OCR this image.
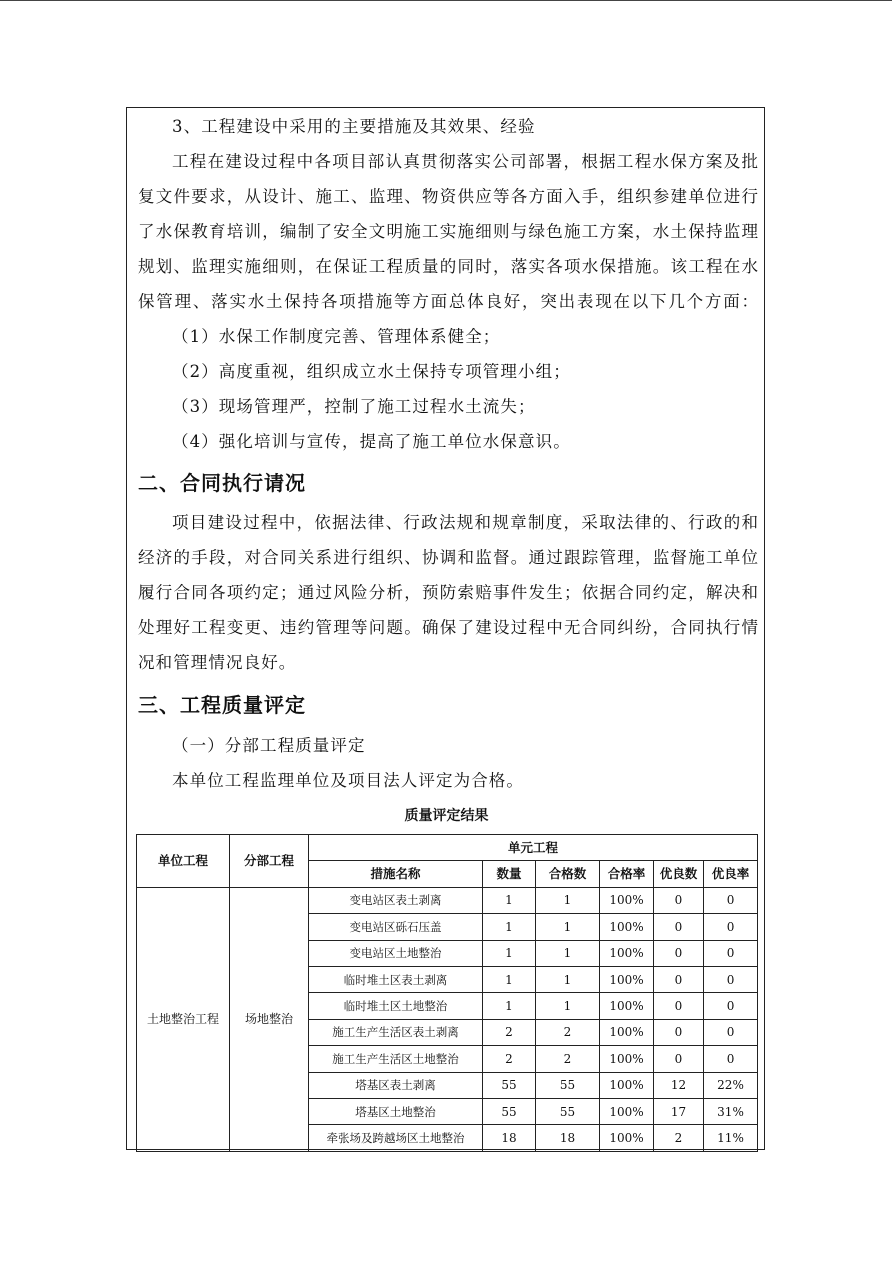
3、工程建设中采用的主要措施及其效果、经验
工程在建设过程中各项目部认真贯彻落实公司部署，根据工程水保方案及批
复文件要求，从设计、施工、监理、物资供应等各方面入手，组织参建单位进行
了水保教育培训，编制了安全文明施工实施细则与绿色施工方案，水土保持监理
规划、监理实施细则，在保证工程质量的同时，落实各项水保措施。该工程在水
保管理、落实水土保持各项措施等方面总体良好，突出表现在以下几个方面：
（1）水保工作制度完善、管理体系健全；
（2）高度重视，组织成立水土保持专项管理小组；
（3）现场管理严，控制了施工过程水土流失；
（4）强化培训与宣传，提高了施工单位水保意识。
二、合同执行请况
项目建设过程中，依据法律、行政法规和规章制度，采取法律的、行政的和
经济的手段，对合同关系进行组织、协调和监督。通过跟踪管理，监督施工单位
履行合同各项约定；通过风险分析，预防索赔事件发生；依据合同约定，解决和
处理好工程变更、违约管理等问题。确保了建设过程中无合同纠纷，合同执行情
况和管理情况良好。
三、工程质量评定
（一）分部工程质量评定
本单位工程监理单位及项目法人评定为合格。
质量评定结果
单位工程	分部工程	单元工程					
		措施名称	数量	合格数	合格率	优良数	优良率
土地整治工程	场地整治	变电站区表土剥离	1	1	100%	0	0
		变电站区砾石压盖	1	1	100%	0	0
		变电站区土地整治	1	1	100%	0	0
		临时堆土区表土剥离	1	1	100%	0	0
		临时堆土区土地整治	1	1	100%	0	0
		施工生产生活区表土剥离	2	2	100%	0	0
		施工生产生活区土地整治	2	2	100%	0	0
		塔基区表土剥离	55	55	100%	12	22%
		塔基区土地整治	55	55	100%	17	31%
		牵张场及跨越场区土地整治	18	18	100%	2	11%
